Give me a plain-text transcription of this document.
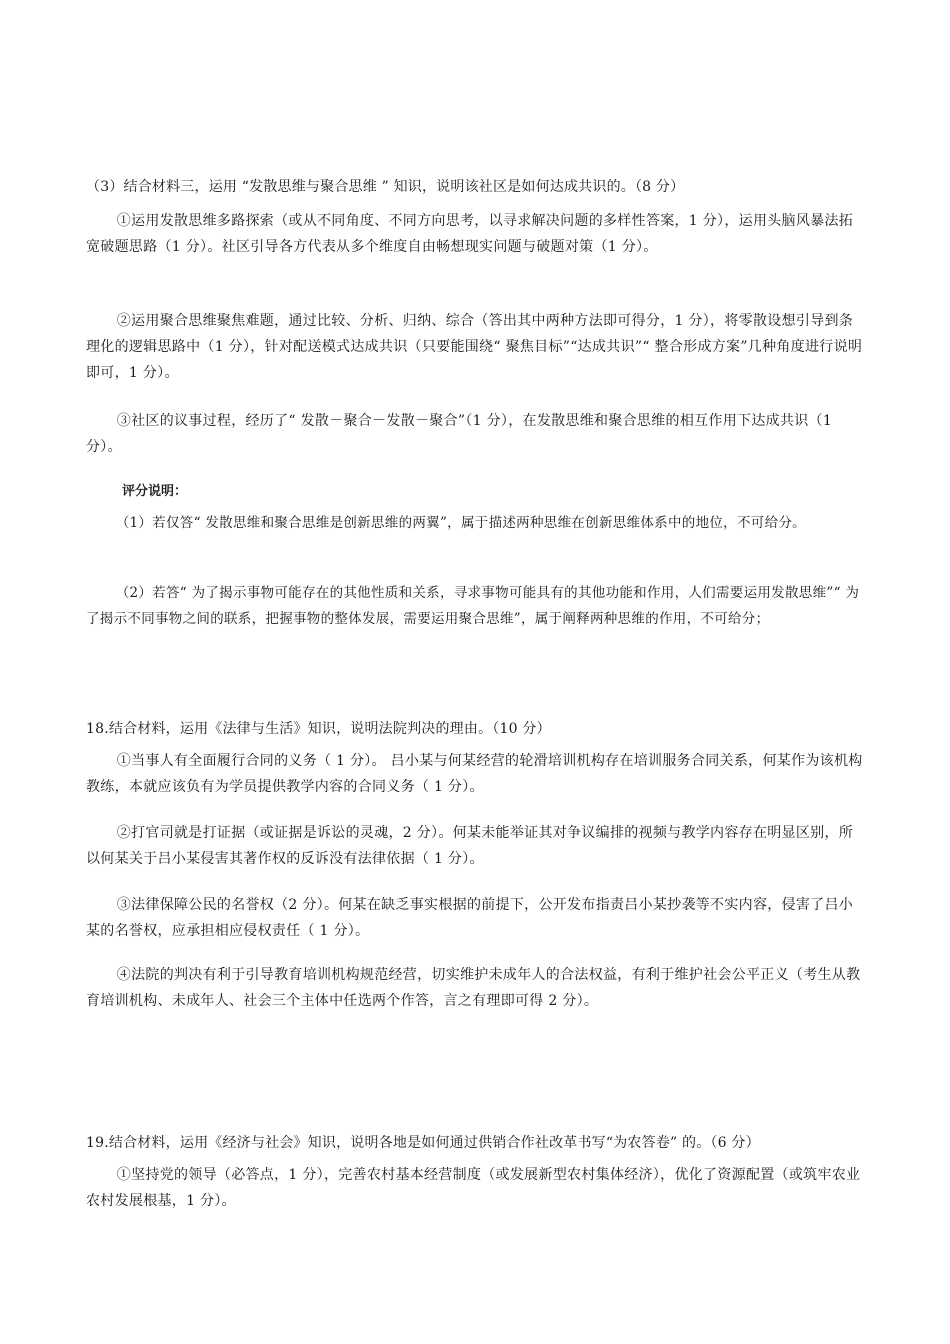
（3）结合材料三，运用 “发散思维与聚合思维 ” 知识，说明该社区是如何达成共识的。（8 分）
①运用发散思维多路探索（或从不同角度、不同方向思考，以寻求解决问题的多样性答案，1 分），运用头脑风暴法拓宽破题思路（1 分）。社区引导各方代表从多个维度自由畅想现实问题与破题对策（1 分）。
②运用聚合思维聚焦难题，通过比较、分析、归纳、综合（答出其中两种方法即可得分，1 分），将零散设想引导到条理化的逻辑思路中（1 分），针对配送模式达成共识（只要能围绕“ 聚焦目标”“达成共识”“ 整合形成方案”几种角度进行说明即可，1 分）。
③社区的议事过程，经历了“ 发散－聚合－发散－聚合”（1 分），在发散思维和聚合思维的相互作用下达成共识（1 分）。
评分说明：
（1）若仅答“ 发散思维和聚合思维是创新思维的两翼”，属于描述两种思维在创新思维体系中的地位，不可给分。
（2）若答“ 为了揭示事物可能存在的其他性质和关系，寻求事物可能具有的其他功能和作用，人们需要运用发散思维”“ 为了揭示不同事物之间的联系，把握事物的整体发展，需要运用聚合思维”，属于阐释两种思维的作用，不可给分；
18.结合材料，运用《法律与生活》知识，说明法院判决的理由。（10 分）
①当事人有全面履行合同的义务（ 1 分）。 吕小某与何某经营的轮滑培训机构存在培训服务合同关系，何某作为该机构教练，本就应该负有为学员提供教学内容的合同义务（ 1 分）。
②打官司就是打证据（或证据是诉讼的灵魂，2 分）。何某未能举证其对争议编排的视频与教学内容存在明显区别，所以何某关于吕小某侵害其著作权的反诉没有法律依据（ 1 分）。
③法律保障公民的名誉权（2 分）。何某在缺乏事实根据的前提下，公开发布指责吕小某抄袭等不实内容，侵害了吕小某的名誉权，应承担相应侵权责任（ 1 分）。
④法院的判决有利于引导教育培训机构规范经营，切实维护未成年人的合法权益，有利于维护社会公平正义（考生从教育培训机构、未成年人、社会三个主体中任选两个作答，言之有理即可得 2 分）。
19.结合材料，运用《经济与社会》知识，说明各地是如何通过供销合作社改革书写“为农答卷” 的。（6 分）
①坚持党的领导（必答点，1 分），完善农村基本经营制度（或发展新型农村集体经济），优化了资源配置（或筑牢农业农村发展根基，1 分）。
